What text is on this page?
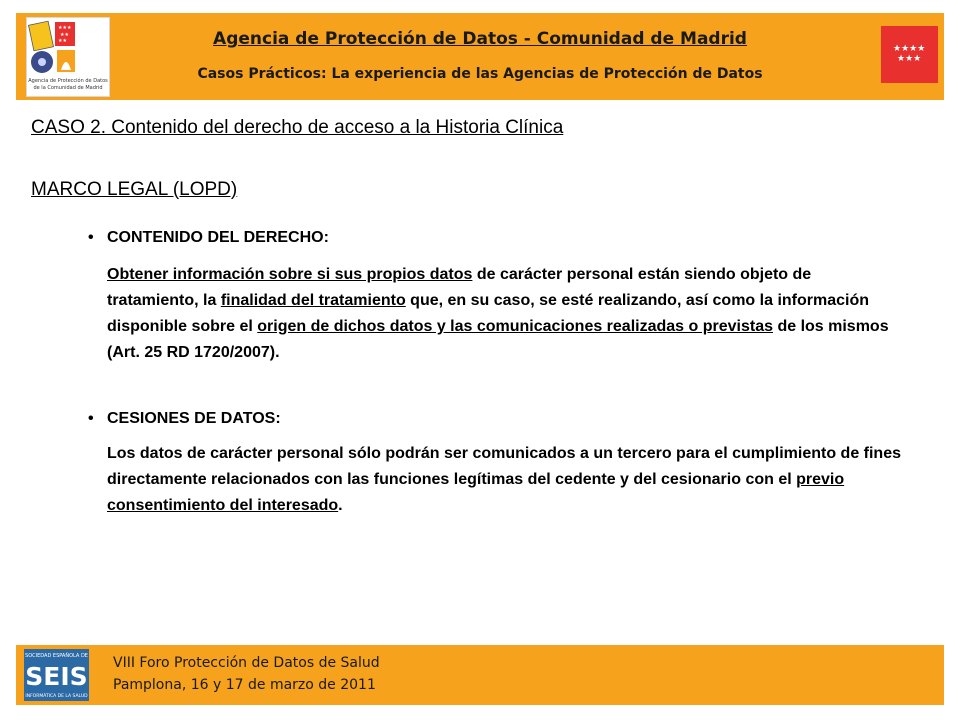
★★★
★★
★★
Agencia de Protección de Datos
de la Comunidad de Madrid
Agencia de Protección de Datos - Comunidad de Madrid
Casos Prácticos: La experiencia de las Agencias de Protección de Datos
★★★★
★★★
CASO 2. Contenido del derecho de acceso a la Historia Clínica
MARCO LEGAL (LOPD)
• CONTENIDO DEL DERECHO:
Obtener información sobre si sus propios datos de carácter personal están siendo objeto de tratamiento, la finalidad del tratamiento que, en su caso, se esté realizando, así como la información disponible sobre el origen de dichos datos y las comunicaciones realizadas o previstas de los mismos (Art. 25 RD 1720/2007).
• CESIONES DE DATOS:
Los datos de carácter personal sólo podrán ser comunicados a un tercero para el cumplimiento de fines directamente relacionados con las funciones legítimas del cedente y del cesionario con el previo consentimiento del interesado.
SOCIEDAD ESPAÑOLA DE
SEIS
INFORMÁTICA DE LA SALUD
VIII Foro Protección de Datos de Salud
Pamplona, 16 y 17 de marzo de 2011
